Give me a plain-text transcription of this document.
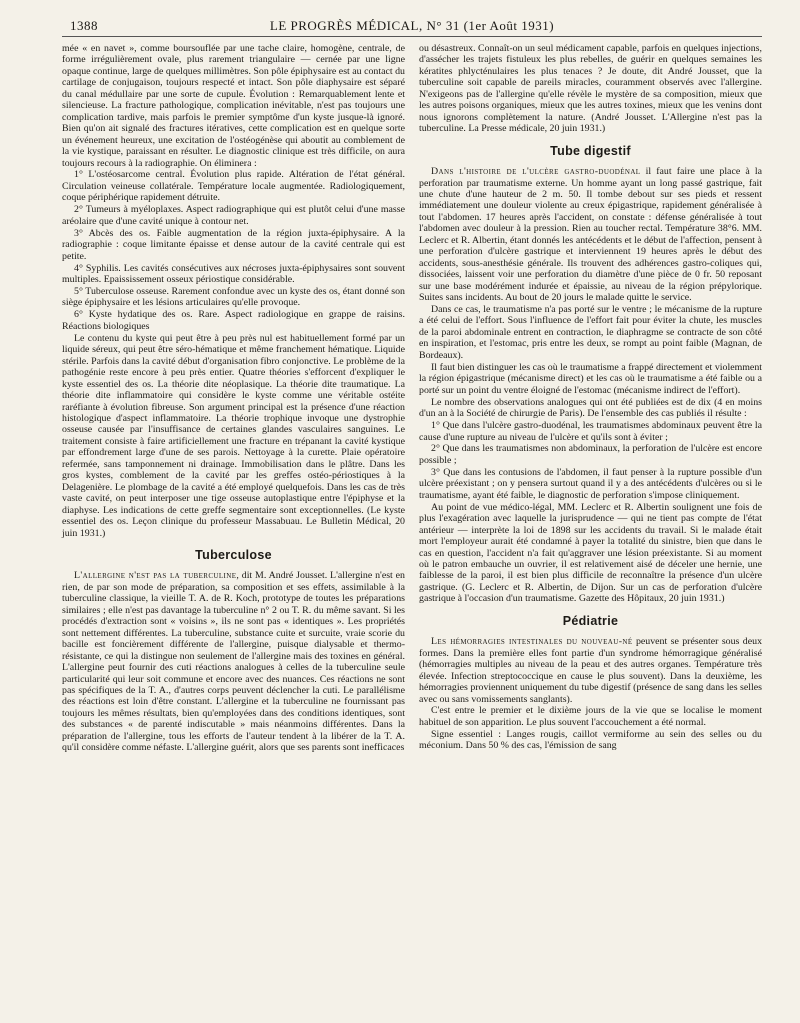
1388	LE PROGRÈS MÉDICAL, N° 31 (1er Août 1931)

mée « en navet », comme boursouflée par une tache claire, homogène, centrale, de forme irrégulièrement ovale, plus rarement triangulaire — cernée par une ligne opaque continue, large de quelques millimètres. Son pôle épiphysaire est au contact du cartilage de conjugaison, toujours respecté et intact. Son pôle diaphysaire est séparé du canal médullaire par une sorte de cupule. Évolution : Remarquablement lente et silencieuse. La fracture pathologique, complication inévitable, n'est pas toujours une complication tardive, mais parfois le premier symptôme d'un kyste jusque-là ignoré. Bien qu'on ait signalé des fractures itératives, cette complication est en quelque sorte un événement heureux, une excitation de l'ostéogénèse qui aboutit au comblement de la vie kystique, paraissant en résulter. Le diagnostic clinique est très difficile, on aura toujours recours à la radiographie. On éliminera :

1° L'ostéosarcome central. Évolution plus rapide. Altération de l'état général. Circulation veineuse collatérale. Température locale augmentée. Radiologiquement, coque périphérique rapidement détruite.

2° Tumeurs à myéloplaxes. Aspect radiographique qui est plutôt celui d'une masse aréolaire que d'une cavité unique à contour net.

3° Abcès des os. Faible augmentation de la région juxta-épiphysaire. A la radiographie : coque limitante épaisse et dense autour de la cavité centrale qui est petite.

4° Syphilis. Les cavités consécutives aux nécroses juxta-épiphysaires sont souvent multiples. Epaississement osseux périostique considérable.

5° Tuberculose osseuse. Rarement confondue avec un kyste des os, étant donné son siège épiphysaire et les lésions articulaires qu'elle provoque.

6° Kyste hydatique des os. Rare. Aspect radiologique en grappe de raisins. Réactions biologiques

Le contenu du kyste qui peut être à peu près nul est habituellement formé par un liquide séreux, qui peut être séro-hématique et même franchement hématique. Liquide stérile. Parfois dans la cavité début d'organisation fibro conjonctive. Le problème de la pathogénie reste encore à peu près entier. Quatre théories s'efforcent d'expliquer le kyste essentiel des os. La théorie dite néoplasique. La théorie dite traumatique. La théorie dite inflammatoire qui considère le kyste comme une véritable ostéite raréfiante à évolution fibreuse. Son argument principal est la présence d'une réaction histologique d'aspect inflammatoire. La théorie trophique invoque une dystrophie osseuse causée par l'insuffisance de certaines glandes vasculaires sanguines. Le traitement consiste à faire artificiellement une fracture en trépanant la cavité kystique par effondrement large d'une de ses parois. Nettoyage à la curette. Plaie opératoire refermée, sans tamponnement ni drainage. Immobilisation dans le plâtre. Dans les gros kystes, comblement de la cavité par les greffes ostéo-périostiques à la Delagenière. Le plombage de la cavité a été employé quelquefois. Dans les cas de très vaste cavité, on peut interposer une tige osseuse autoplastique entre l'épiphyse et la diaphyse. Les indications de cette greffe segmentaire sont exceptionnelles. (Le kyste essentiel des os. Leçon clinique du professeur Massabuau. Le Bulletin Médical, 20 juin 1931.)

Tuberculose

L'allergine n'est pas la tuberculine, dit M. André Jousset. L'allergine n'est en rien, de par son mode de préparation, sa composition et ses effets, assimilable à la tuberculine classique, la vieille T. A. de R. Koch, prototype de toutes les préparations similaires ; elle n'est pas davantage la tuberculine n° 2 ou T. R. du même savant. Si les procédés d'extraction sont « voisins », ils ne sont pas « identiques ». Les propriétés sont nettement différentes. La tuberculine, substance cuite et surcuite, vraie scorie du bacille est foncièrement différente de l'allergine, puisque dialysable et thermo-résistante, ce qui la distingue non seulement de l'allergine mais des toxines en général. L'allergine peut fournir des cuti réactions analogues à celles de la tuberculine seule particularité qui leur soit commune et encore avec des nuances. Ces réactions ne sont pas spécifiques de la T. A., d'autres corps peuvent déclencher la cuti. Le parallélisme des réactions est loin d'être constant. L'allergine et la tuberculine ne fournissant pas toujours les mêmes résultats, bien qu'employées dans des conditions identiques, sont des substances « de parenté indiscutable » mais néanmoins différentes. Dans la préparation de l'allergine, tous les efforts de l'auteur tendent à la libérer de la T. A. qu'il considère comme néfaste. L'allergine guérit, alors que ses parents sont inefficaces

ou désastreux. Connaît-on un seul médicament capable, parfois en quelques injections, d'assécher les trajets fistuleux les plus rebelles, de guérir en quelques semaines les kératites phlycténulaires les plus tenaces ? Je doute, dit André Jousset, que la tuberculine soit capable de pareils miracles, couramment observés avec l'allergine. N'exigeons pas de l'allergine qu'elle révèle le mystère de sa composition, mieux que les autres poisons organiques, mieux que les autres toxines, mieux que les venins dont nous ignorons complètement la nature. (André Jousset. L'Allergine n'est pas la tuberculine. La Presse médicale, 20 juin 1931.)

Tube digestif

Dans l'histoire de l'ulcère gastro-duodénal il faut faire une place à la perforation par traumatisme externe. Un homme ayant un long passé gastrique, fait une chute d'une hauteur de 2 m. 50. Il tombe debout sur ses pieds et ressent immédiatement une douleur violente au creux épigastrique, rapidement généralisée à tout l'abdomen. 17 heures après l'accident, on constate : défense généralisée à tout l'abdomen avec douleur à la pression. Rien au toucher rectal. Température 38°6. MM. Leclerc et R. Albertin, étant donnés les antécédents et le début de l'affection, pensent à une perforation d'ulcère gastrique et interviennent 19 heures après le début des accidents, sous-anesthésie générale. Ils trouvent des adhérences gastro-coliques qui, dissociées, laissent voir une perforation du diamètre d'une pièce de 0 fr. 50 reposant sur une base modérément indurée et épaissie, au niveau de la région prépylorique. Suites sans incidents. Au bout de 20 jours le malade quitte le service.

Dans ce cas, le traumatisme n'a pas porté sur le ventre ; le mécanisme de la rupture a été celui de l'effort. Sous l'influence de l'effort fait pour éviter la chute, les muscles de la paroi abdominale entrent en contraction, le diaphragme se contracte de son côté en inspiration, et l'estomac, pris entre les deux, se rompt au point faible (Magnan, de Bordeaux).

Il faut bien distinguer les cas où le traumatisme a frappé directement et violemment la région épigastrique (mécanisme direct) et les cas où le traumatisme a été faible ou a porté sur un point du ventre éloigné de l'estomac (mécanisme indirect de l'effort).

Le nombre des observations analogues qui ont été publiées est de dix (4 en moins d'un an à la Société de chirurgie de Paris). De l'ensemble des cas publiés il résulte :

1° Que dans l'ulcère gastro-duodénal, les traumatismes abdominaux peuvent être la cause d'une rupture au niveau de l'ulcère et qu'ils sont à éviter ;

2° Que dans les traumatismes non abdominaux, la perforation de l'ulcère est encore possible ;

3° Que dans les contusions de l'abdomen, il faut penser à la rupture possible d'un ulcère préexistant ; on y pensera surtout quand il y a des antécédents d'ulcères ou si le traumatisme, ayant été faible, le diagnostic de perforation s'impose cliniquement.

Au point de vue médico-légal, MM. Leclerc et R. Albertin soulignent une fois de plus l'exagération avec laquelle la jurisprudence — qui ne tient pas compte de l'état antérieur — interprète la loi de 1898 sur les accidents du travail. Si le malade était mort l'employeur aurait été condamné à payer la totalité du sinistre, bien que dans le cas en question, l'accident n'a fait qu'aggraver une lésion préexistante. Si au moment où le patron embauche un ouvrier, il est relativement aisé de déceler une hernie, une faiblesse de la paroi, il est bien plus difficile de reconnaître la présence d'un ulcère gastrique. (G. Leclerc et R. Albertin, de Dijon. Sur un cas de perforation d'ulcère gastrique à l'occasion d'un traumatisme. Gazette des Hôpitaux, 20 juin 1931.)

Pédiatrie

Les hémorragies intestinales du nouveau-né peuvent se présenter sous deux formes. Dans la première elles font partie d'un syndrome hémorragique généralisé (hémorragies multiples au niveau de la peau et des autres organes. Température très élevée. Infection streptococcique en cause le plus souvent). Dans la deuxième, les hémorragies proviennent uniquement du tube digestif (présence de sang dans les selles avec ou sans vomissements sanglants).

C'est entre le premier et le dixième jours de la vie que se localise le moment habituel de son apparition. Le plus souvent l'accouchement a été normal.

Signe essentiel : Langes rougis, caillot vermiforme au sein des selles ou du méconium. Dans 50 % des cas, l'émission de sang
